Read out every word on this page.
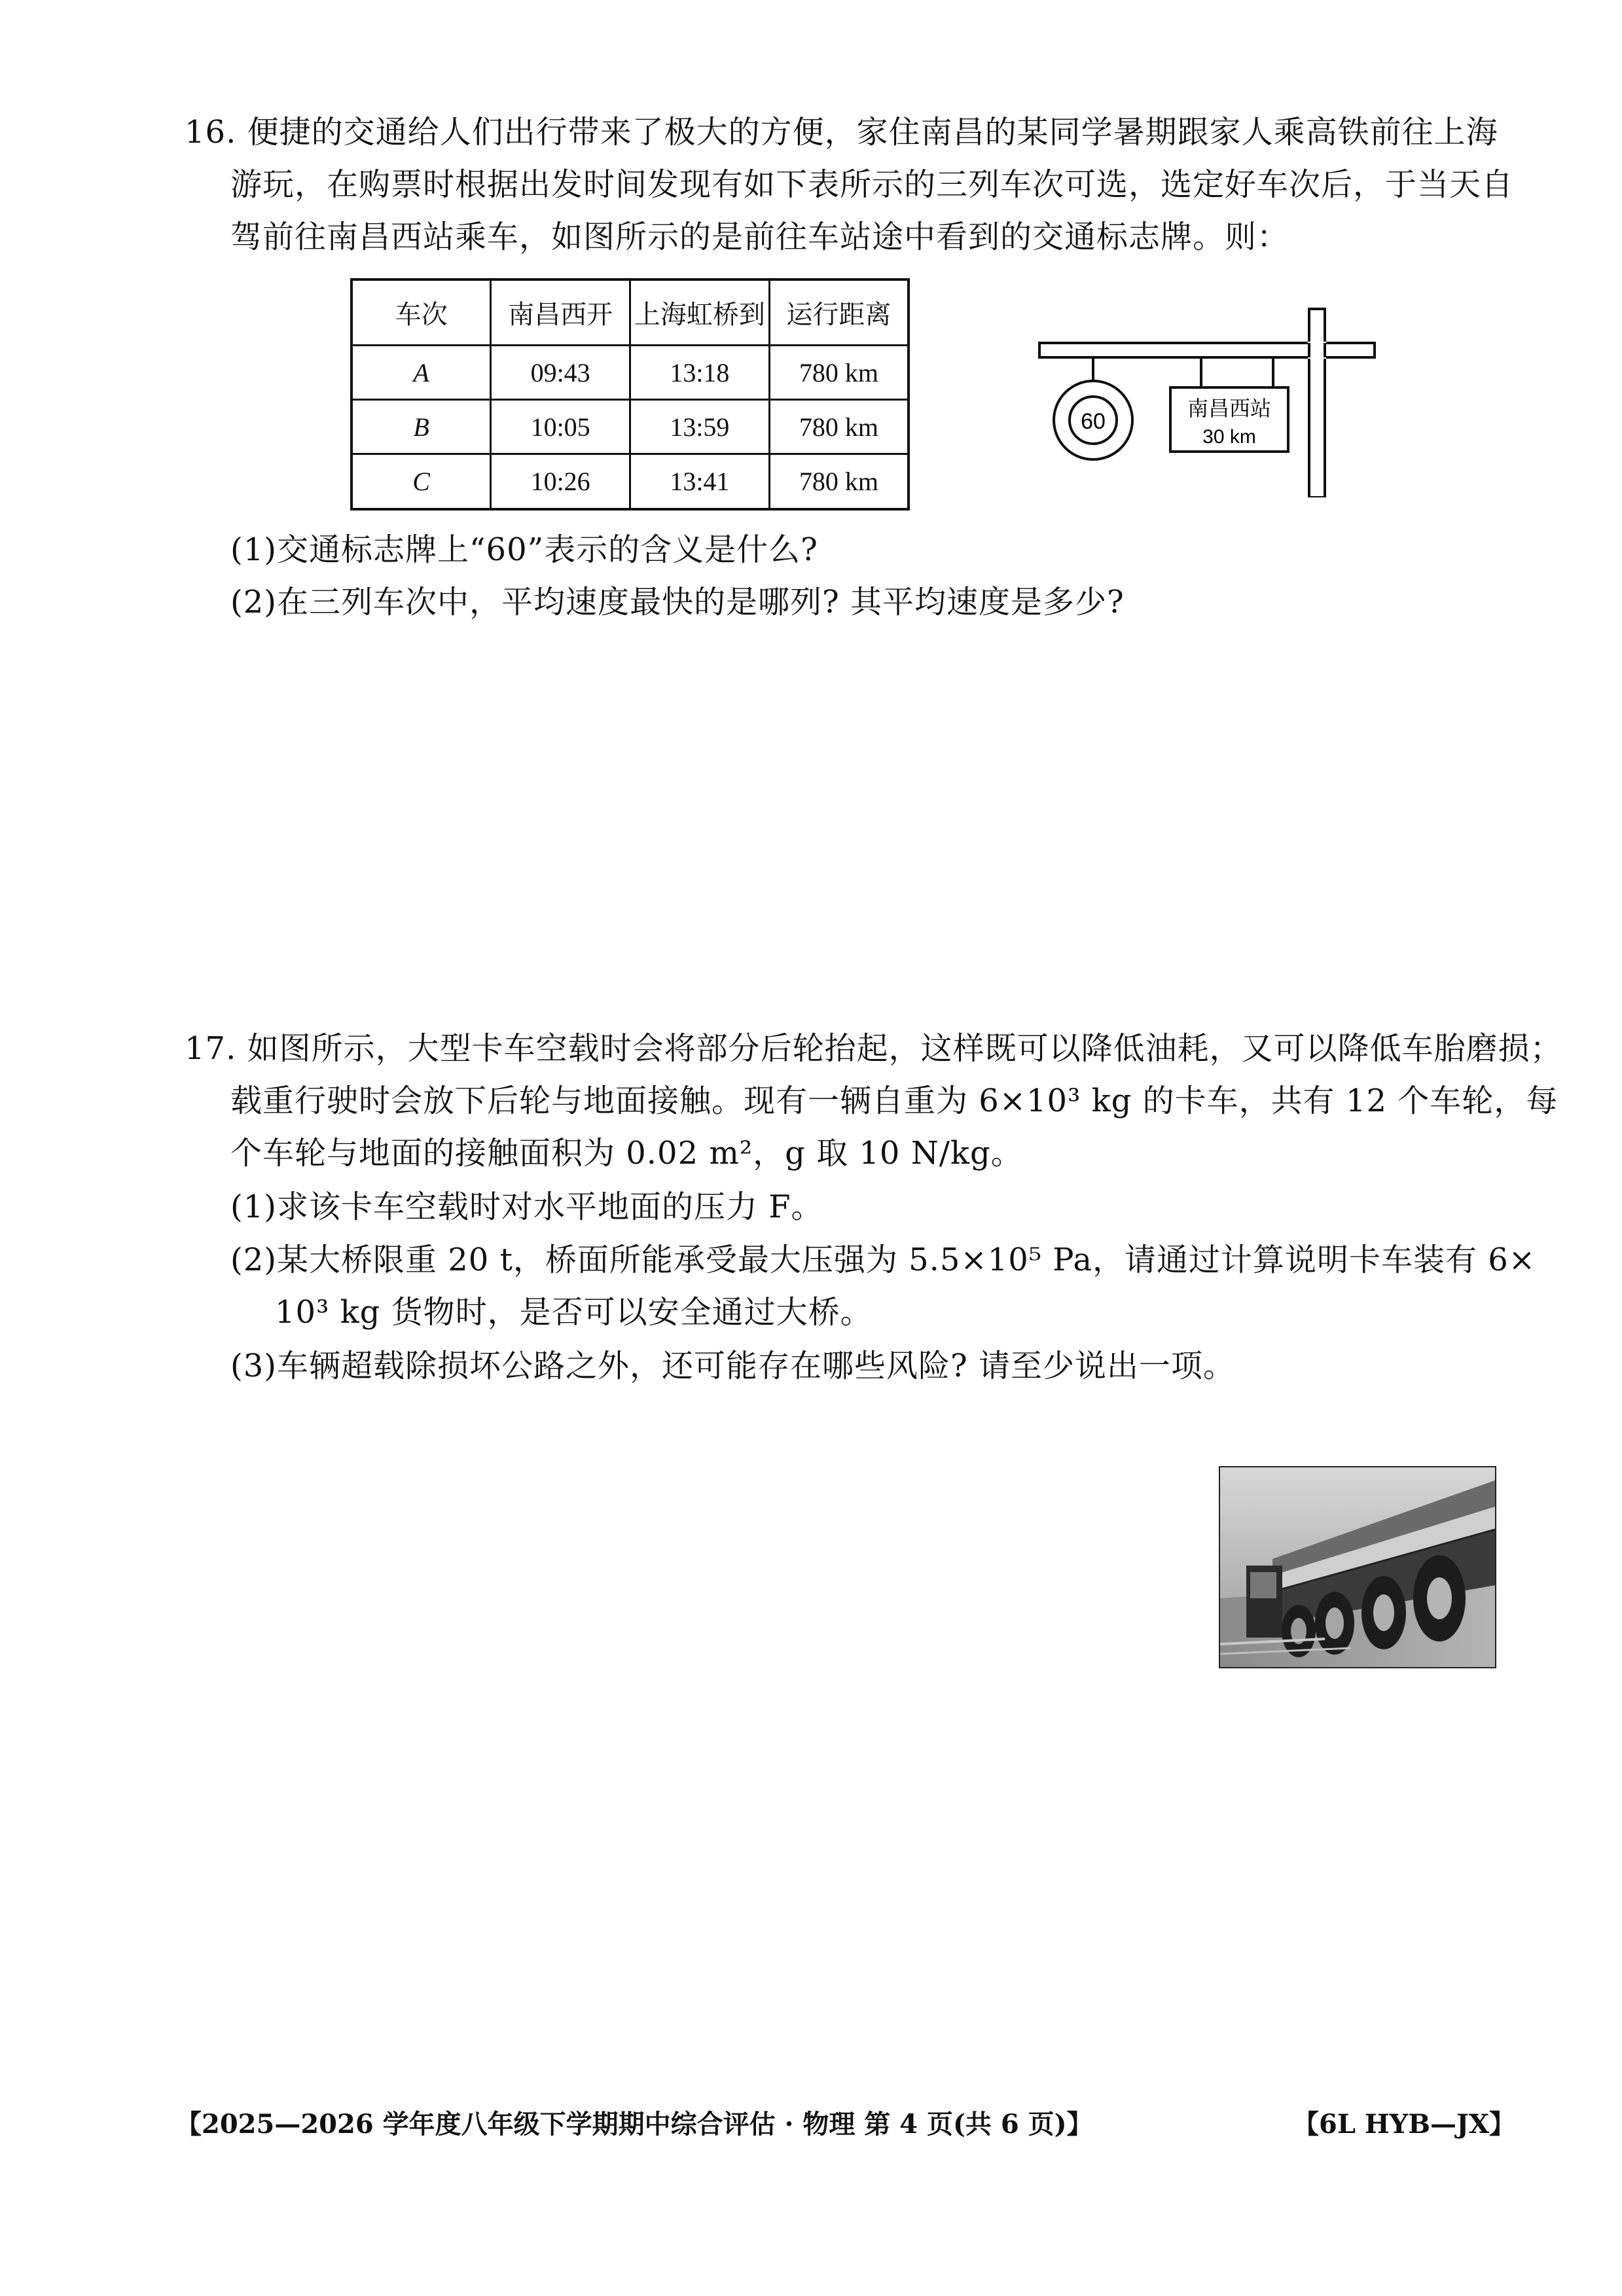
16. 便捷的交通给人们出行带来了极大的方便，家住南昌的某同学暑期跟家人乘高铁前往上海
游玩，在购票时根据出发时间发现有如下表所示的三列车次可选，选定好车次后，于当天自
驾前往南昌西站乘车，如图所示的是前往车站途中看到的交通标志牌。则：
车次	南昌西开	上海虹桥到	运行距离
A	09:43	13:18	780 km
B	10:05	13:59	780 km
C	10:26	13:41	780 km
60
南昌西站
30 km
(1)交通标志牌上“60”表示的含义是什么?
(2)在三列车次中，平均速度最快的是哪列? 其平均速度是多少?
17. 如图所示，大型卡车空载时会将部分后轮抬起，这样既可以降低油耗，又可以降低车胎磨损；
载重行驶时会放下后轮与地面接触。现有一辆自重为 6×10³ kg 的卡车，共有 12 个车轮，每
个车轮与地面的接触面积为 0.02 m²，g 取 10 N/kg。
(1)求该卡车空载时对水平地面的压力 F。
(2)某大桥限重 20 t，桥面所能承受最大压强为 5.5×10⁵ Pa，请通过计算说明卡车装有 6×
10³ kg 货物时，是否可以安全通过大桥。
(3)车辆超载除损坏公路之外，还可能存在哪些风险? 请至少说出一项。
【2025—2026 学年度八年级下学期期中综合评估 · 物理 第 4 页(共 6 页)】	【6L HYB—JX】
